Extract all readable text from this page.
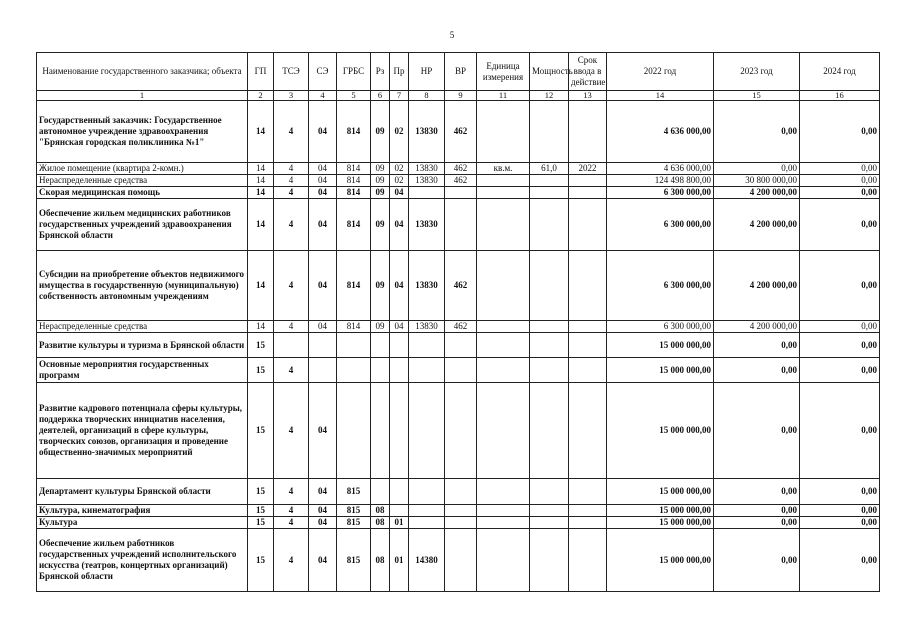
5
Наименование государственного заказчика; объекта	ГП	ТСЭ	СЭ	ГРБС	Рз	Пр	НР	ВР	Единица измерения	Мощность	Срок ввода в действие	2022 год	2023 год	2024 год
1	2	3	4	5	6	7	8	9	11	12	13	14	15	16
Государственный заказчик: Государственное автономное учреждение здравоохранения "Брянская городская поликлиника №1"	14	4	04	814	09	02	13830	462				4 636 000,00	0,00	0,00
Жилое помещение (квартира 2-комн.)	14	4	04	814	09	02	13830	462	кв.м.	61,0	2022	4 636 000,00	0,00	0,00
Нераспределенные средства	14	4	04	814	09	02	13830	462				124 498 800,00	30 800 000,00	0,00
Скорая медицинская помощь	14	4	04	814	09	04						6 300 000,00	4 200 000,00	0,00
Обеспечение жильем медицинских работников государственных учреждений здравоохранения Брянской области	14	4	04	814	09	04	13830					6 300 000,00	4 200 000,00	0,00
Субсидии на приобретение объектов недвижимого имущества в государственную (муниципальную) собственность автономным учреждениям	14	4	04	814	09	04	13830	462				6 300 000,00	4 200 000,00	0,00
Нераспределенные средства	14	4	04	814	09	04	13830	462				6 300 000,00	4 200 000,00	0,00
Развитие культуры и туризма в Брянской области	15											15 000 000,00	0,00	0,00
Основные мероприятия государственных программ	15	4										15 000 000,00	0,00	0,00
Развитие кадрового потенциала сферы культуры, поддержка творческих инициатив населения, деятелей, организаций в сфере культуры, творческих союзов, организация и проведение общественно-значимых мероприятий	15	4	04									15 000 000,00	0,00	0,00
Департамент культуры Брянской области	15	4	04	815								15 000 000,00	0,00	0,00
Культура, кинематография	15	4	04	815	08							15 000 000,00	0,00	0,00
Культура	15	4	04	815	08	01						15 000 000,00	0,00	0,00
Обеспечение жильем работников государственных учреждений исполнительского искусства (театров, концертных организаций) Брянской области	15	4	04	815	08	01	14380					15 000 000,00	0,00	0,00
